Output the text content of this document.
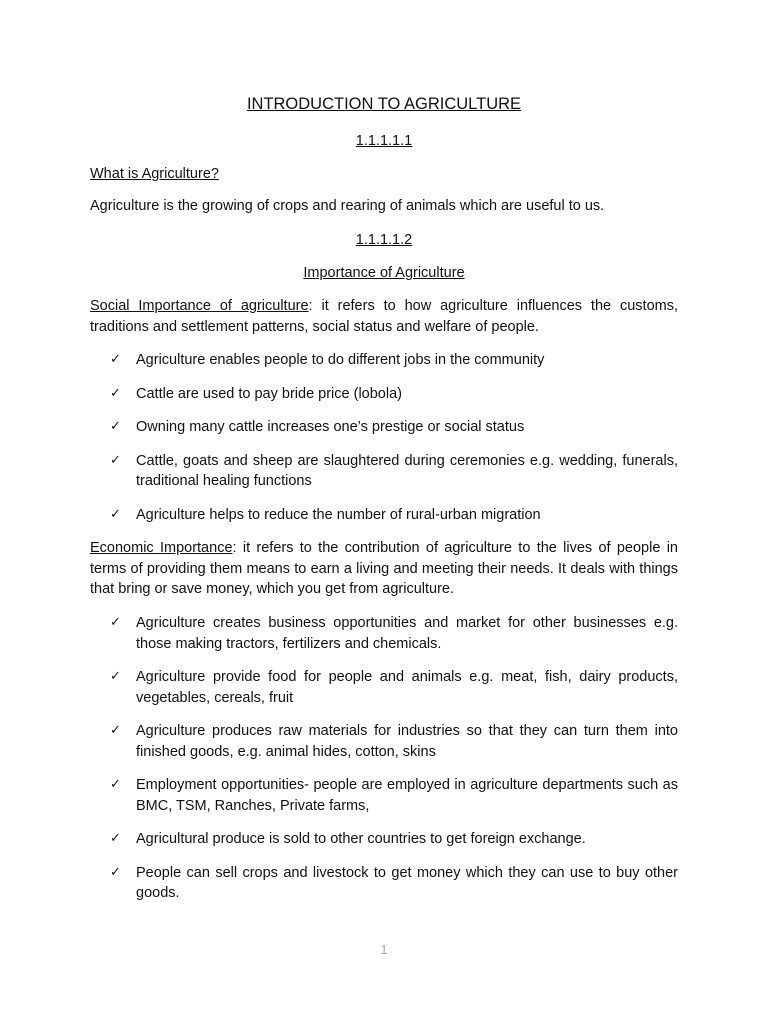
INTRODUCTION TO AGRICULTURE
1.1.1.1.1
What is Agriculture?
Agriculture is the growing of crops and rearing of animals which are useful to us.
1.1.1.1.2
Importance of Agriculture
Social Importance of agriculture: it refers to how agriculture influences the customs, traditions and settlement patterns, social status and welfare of people.
✓ Agriculture enables people to do different jobs in the community
✓ Cattle are used to pay bride price (lobola)
✓ Owning many cattle increases one’s prestige or social status
✓ Cattle, goats and sheep are slaughtered during ceremonies e.g. wedding, funerals, traditional healing functions
✓ Agriculture helps to reduce the number of rural-urban migration
Economic Importance: it refers to the contribution of agriculture to the lives of people in terms of providing them means to earn a living and meeting their needs. It deals with things that bring or save money, which you get from agriculture.
✓ Agriculture creates business opportunities and market for other businesses e.g. those making tractors, fertilizers and chemicals.
✓ Agriculture provide food for people and animals e.g. meat, fish, dairy products, vegetables, cereals, fruit
✓ Agriculture produces raw materials for industries so that they can turn them into finished goods, e.g. animal hides, cotton, skins
✓ Employment opportunities- people are employed in agriculture departments such as BMC, TSM, Ranches, Private farms,
✓ Agricultural produce is sold to other countries to get foreign exchange.
✓ People can sell crops and livestock to get money which they can use to buy other goods.
1
